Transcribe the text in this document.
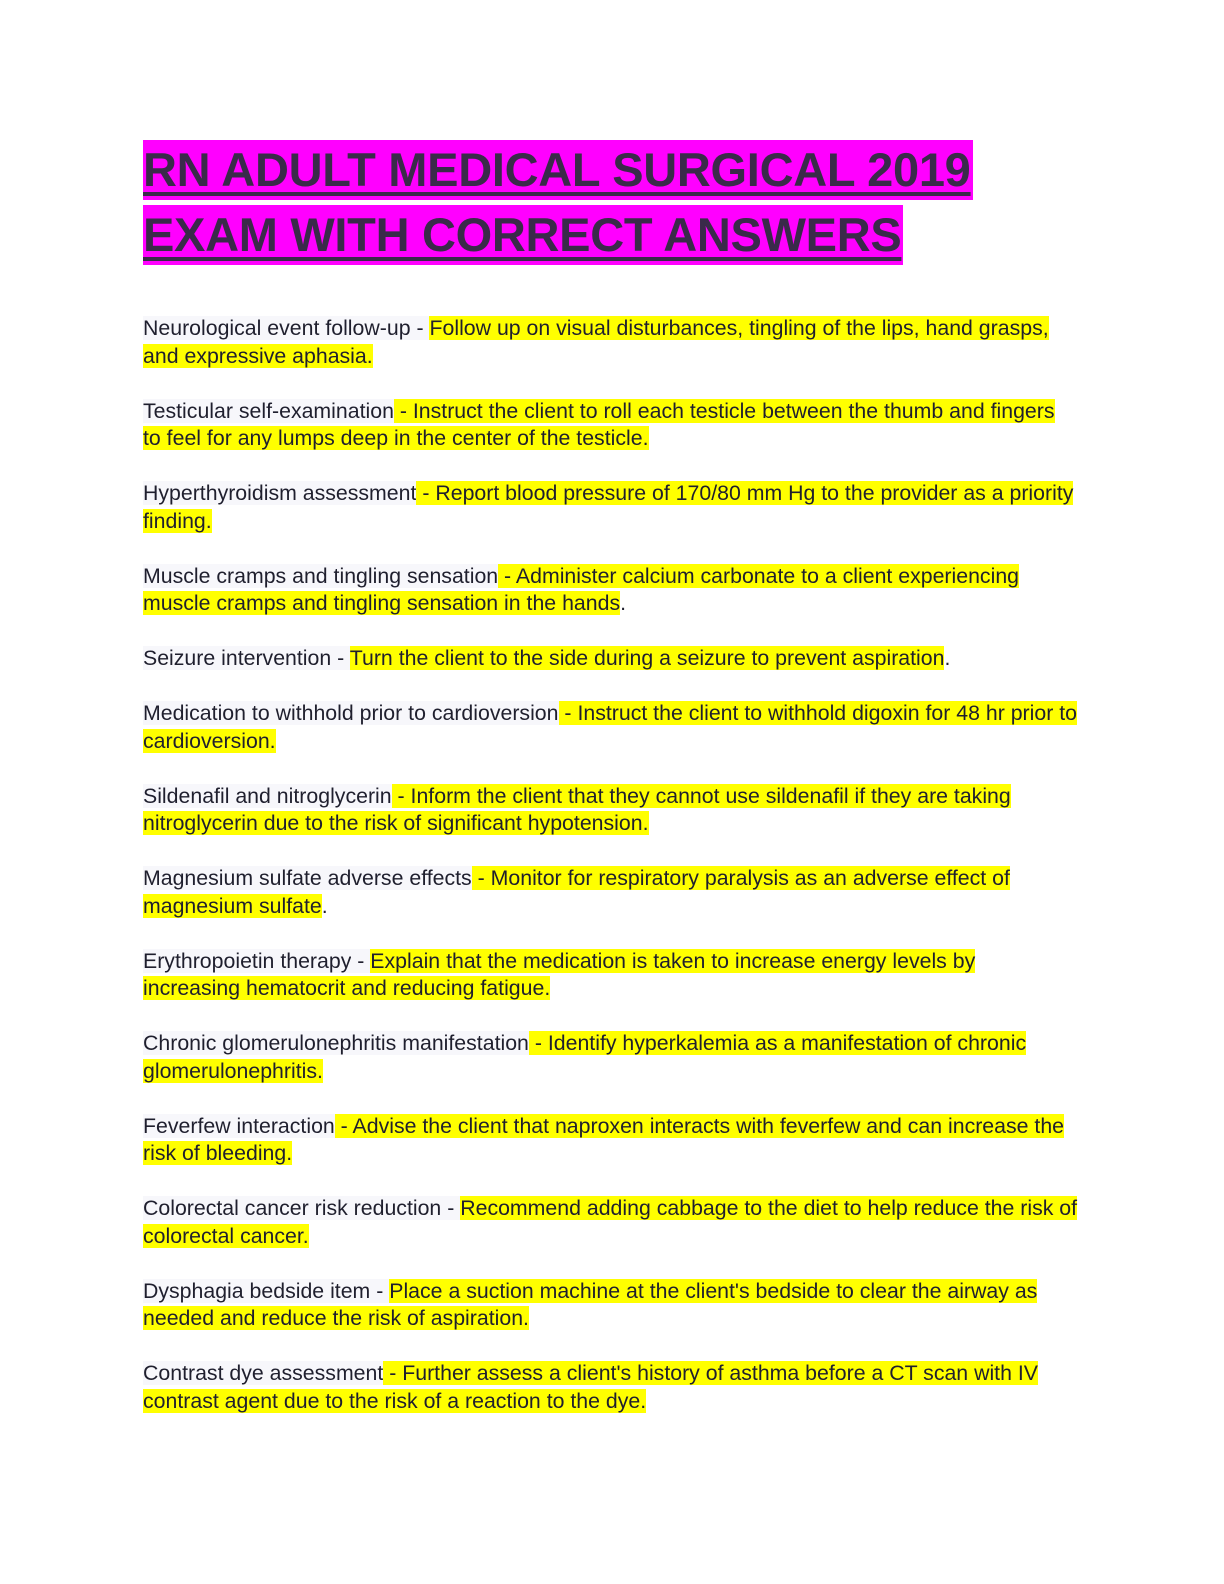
RN ADULT MEDICAL SURGICAL 2019
EXAM WITH CORRECT ANSWERS

Neurological event follow-up - Follow up on visual disturbances, tingling of the lips, hand grasps, and expressive aphasia.

Testicular self-examination - Instruct the client to roll each testicle between the thumb and fingers to feel for any lumps deep in the center of the testicle.

Hyperthyroidism assessment - Report blood pressure of 170/80 mm Hg to the provider as a priority finding.

Muscle cramps and tingling sensation - Administer calcium carbonate to a client experiencing muscle cramps and tingling sensation in the hands.

Seizure intervention - Turn the client to the side during a seizure to prevent aspiration.

Medication to withhold prior to cardioversion - Instruct the client to withhold digoxin for 48 hr prior to cardioversion.

Sildenafil and nitroglycerin - Inform the client that they cannot use sildenafil if they are taking nitroglycerin due to the risk of significant hypotension.

Magnesium sulfate adverse effects - Monitor for respiratory paralysis as an adverse effect of magnesium sulfate.

Erythropoietin therapy - Explain that the medication is taken to increase energy levels by increasing hematocrit and reducing fatigue.

Chronic glomerulonephritis manifestation - Identify hyperkalemia as a manifestation of chronic glomerulonephritis.

Feverfew interaction - Advise the client that naproxen interacts with feverfew and can increase the risk of bleeding.

Colorectal cancer risk reduction - Recommend adding cabbage to the diet to help reduce the risk of colorectal cancer.

Dysphagia bedside item - Place a suction machine at the client's bedside to clear the airway as needed and reduce the risk of aspiration.

Contrast dye assessment - Further assess a client's history of asthma before a CT scan with IV contrast agent due to the risk of a reaction to the dye.
